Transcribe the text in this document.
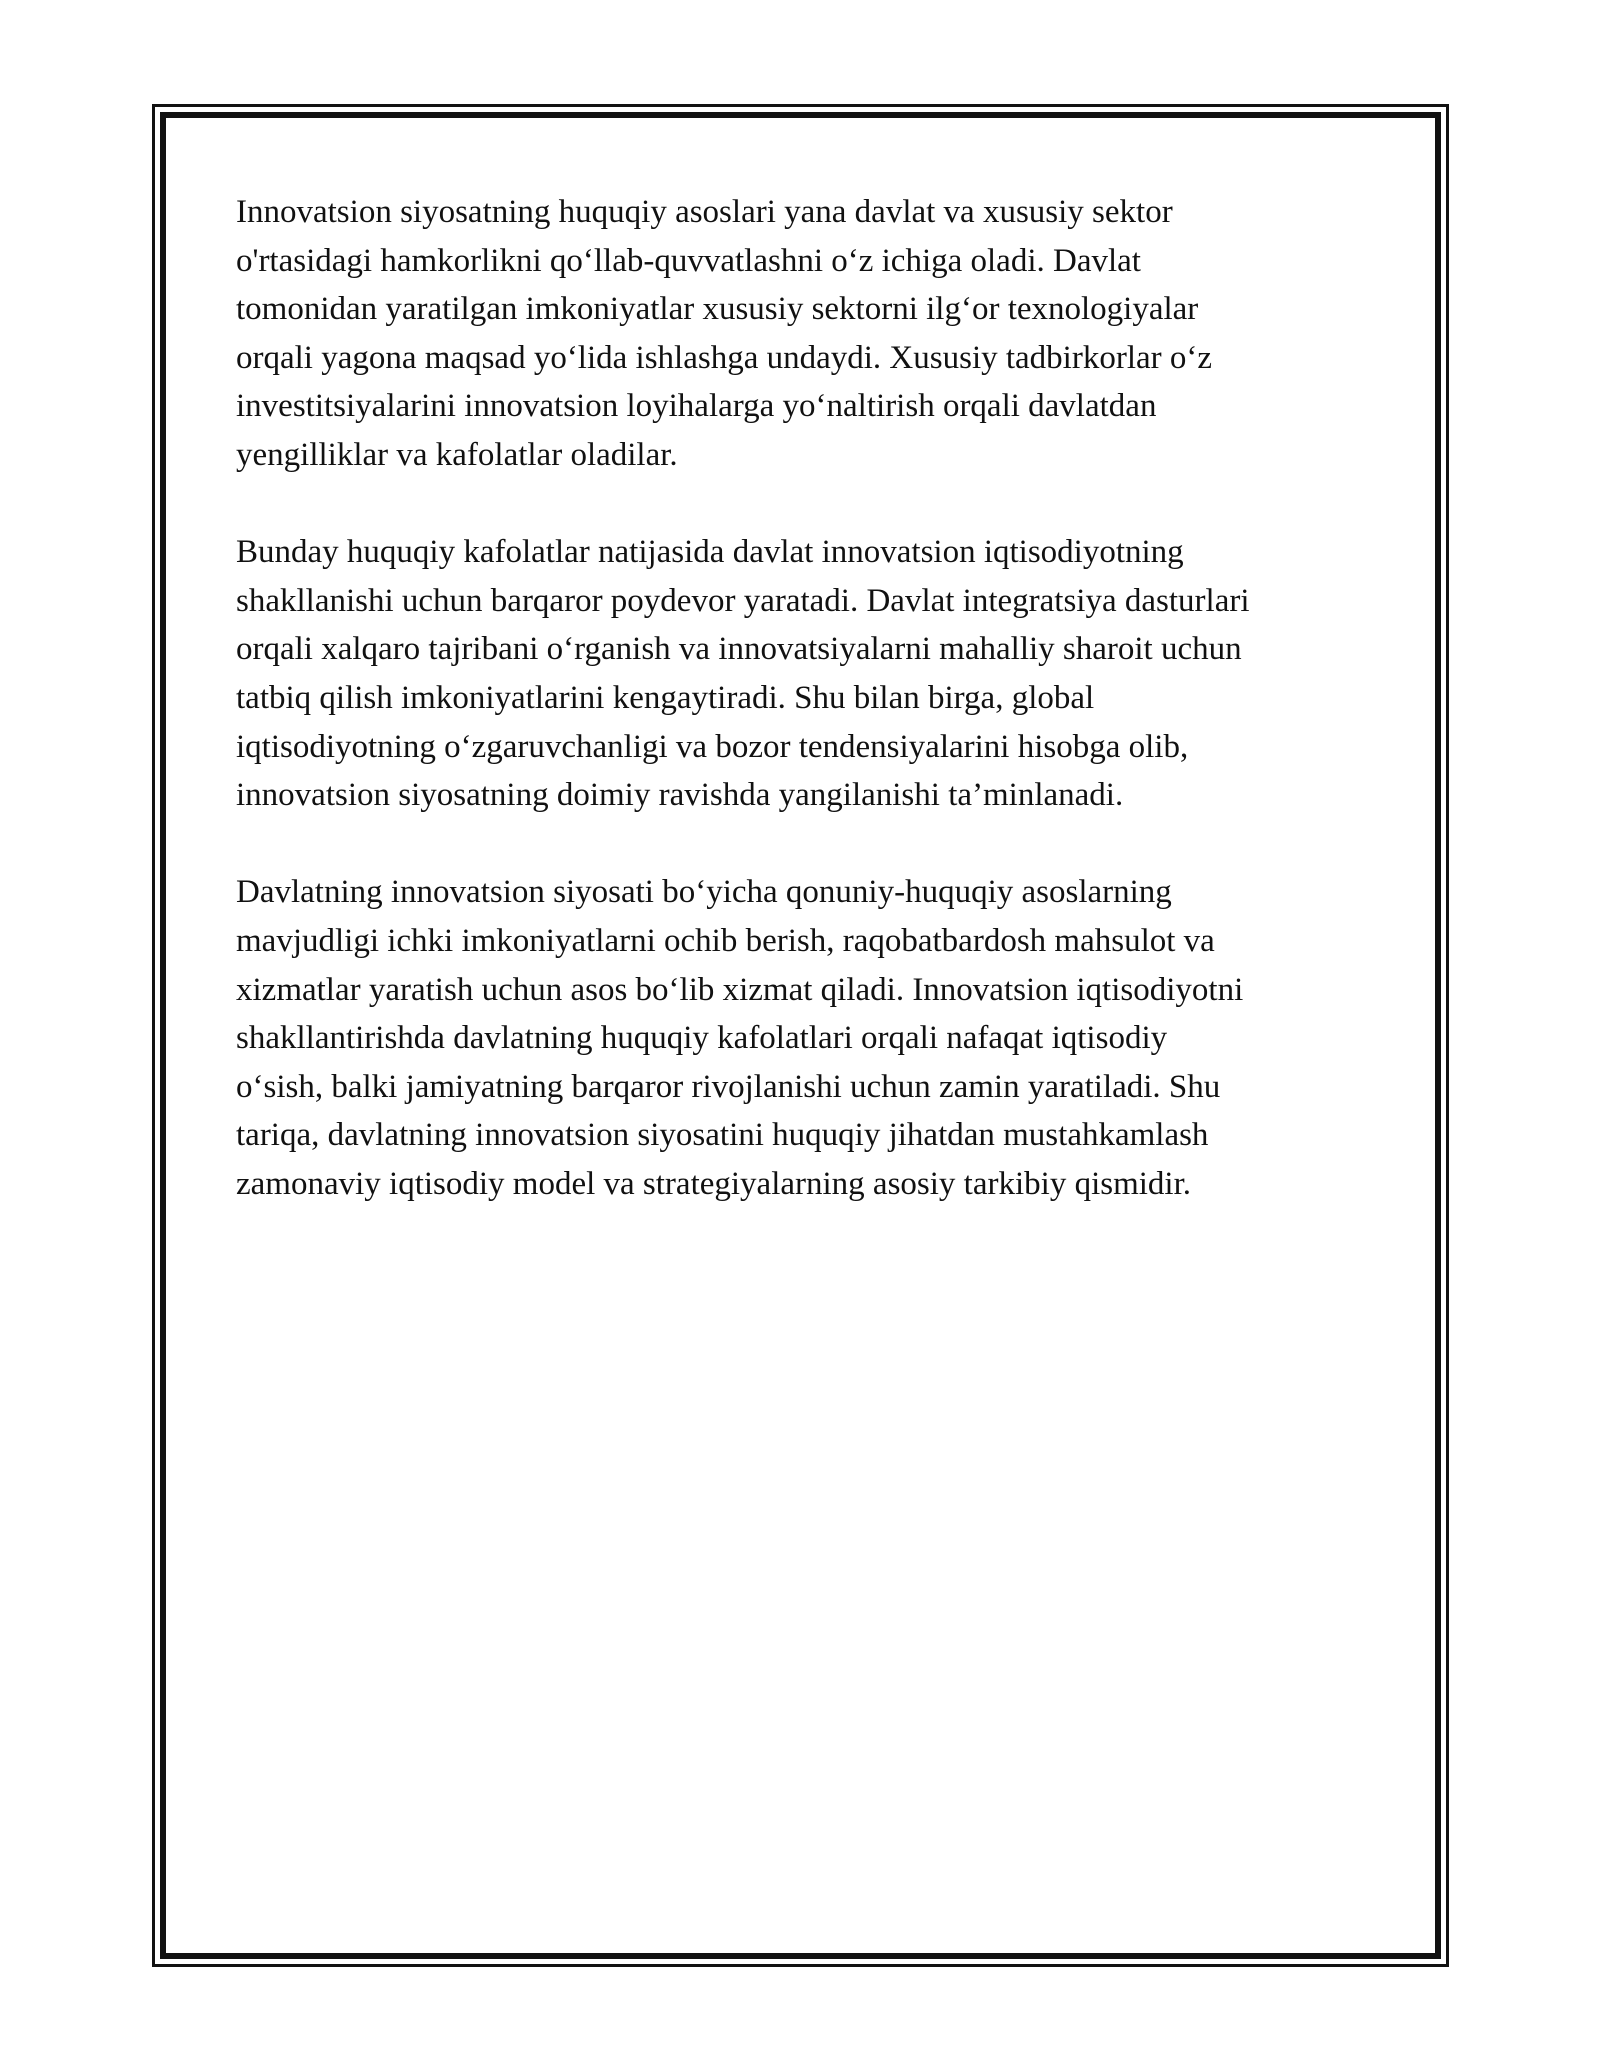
Innovatsion siyosatning huquqiy asoslari yana davlat va xususiy sektor
o'rtasidagi hamkorlikni qo‘llab-quvvatlashni o‘z ichiga oladi. Davlat
tomonidan yaratilgan imkoniyatlar xususiy sektorni ilg‘or texnologiyalar
orqali yagona maqsad yo‘lida ishlashga undaydi. Xususiy tadbirkorlar o‘z
investitsiyalarini innovatsion loyihalarga yo‘naltirish orqali davlatdan
yengilliklar va kafolatlar oladilar.

Bunday huquqiy kafolatlar natijasida davlat innovatsion iqtisodiyotning
shakllanishi uchun barqaror poydevor yaratadi. Davlat integratsiya dasturlari
orqali xalqaro tajribani o‘rganish va innovatsiyalarni mahalliy sharoit uchun
tatbiq qilish imkoniyatlarini kengaytiradi. Shu bilan birga, global
iqtisodiyotning o‘zgaruvchanligi va bozor tendensiyalarini hisobga olib,
innovatsion siyosatning doimiy ravishda yangilanishi ta’minlanadi.

Davlatning innovatsion siyosati bo‘yicha qonuniy-huquqiy asoslarning
mavjudligi ichki imkoniyatlarni ochib berish, raqobatbardosh mahsulot va
xizmatlar yaratish uchun asos bo‘lib xizmat qiladi. Innovatsion iqtisodiyotni
shakllantirishda davlatning huquqiy kafolatlari orqali nafaqat iqtisodiy
o‘sish, balki jamiyatning barqaror rivojlanishi uchun zamin yaratiladi. Shu
tariqa, davlatning innovatsion siyosatini huquqiy jihatdan mustahkamlash
zamonaviy iqtisodiy model va strategiyalarning asosiy tarkibiy qismidir.
